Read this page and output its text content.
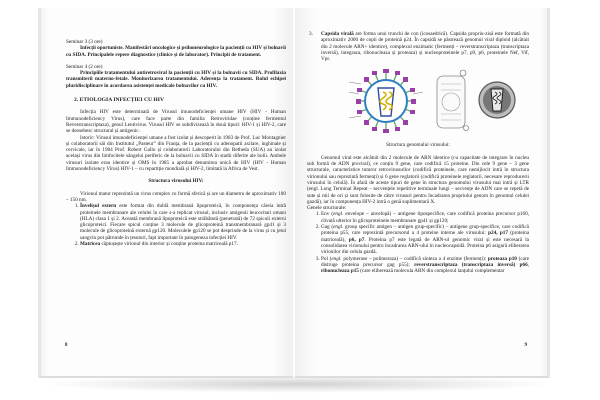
Seminar 3 (3 ore)

Infecții oportuniste. Manifestări oncologice și psihoneurologice la pacienții cu HIV și bolnavii cu SIDA. Principalele repere diagnostice (clinice și de laborator). Principii de tratament.

Seminar 4 (2 ore)

Principiile tratamentului antiretroviral la pacienții cu HIV și la bolnavii cu SIDA. Profilaxia transmiterii materno-fetale. Monitorizarea tratamentului. Aderența la tratament. Rolul echipei pluridisciplinare în acordarea asistenței medicale bolnavilor cu HIV.

2. ETIOLOGIA INFECȚIEI CU HIV

Infecția HIV este determinată de Virusul imunodeficienței umane HIV (HIV - Human Immunodeficiency Virus), care face parte din familia Retroviridae (conține fermentul Reverstranscriptaza), genul Lentivirus. Virusul HIV se subdivizează în două tipuri: HIV-1 și HIV-2, care se deosebesc structural și antigenic.

Istoric: Virusul imunodeficienței umane a fost izolat și descoperit în 1983 de Prof. Luc Montagnier și colaboratorii săi din Institutul „Pasteur” din Franța, de la pacienții cu adenopatii axilare, inghinale și cervicale, iar în 1984 Prof. Robert Gallo și colaboratorii Laboratorului din Betheda (SUA) au izolat același virus din limfocitele sângelui periferic de la bolnavii cu SIDA în stadii diferite ale bolii. Ambele virusuri izolate erau identice și OMS în 1985 a aprobat denumirea unică de HIV (HIV - Human Immunodeficiency Virus) HIV-1 – cu repartiție mondială și HIV-2, limitată la Africa de Vest.

Structura virusului HIV:

Virionul matur reprezintă un virus complex cu formă sferică și are un diametru de aproximativ 100 – 150 nm.

1. Învelișul extern este format din dublă membrană lipoproteică, în componența căreia intră proteinele membranare ale celulei în care s-a replicat virusul, inclusiv antigenii leucocitari umani (HLA) clasa 1 și 2. Această membrană lipoproteică este străbătută (penetrată) de 72 spiculi externi glicoproteici. Fiecare spicul conține 3 molecule de glicoproteină transmembranară gp41 și 3 molecule de glicoproteină externă gp120. Moleculele gp120 se pot desprinde de la virus și cu jetul sangvin pot pătrunde în țesuturi, fapt important în patogeneza infecției HIV.
2. Matricea căptușește virionul din interior și conține proteina matriceală p17.
8
3.	Capsida virală are forma unui trunchi de con (icosaedrică). Capsida propriu-zisă este formată din aproximativ 2000 de copii de proteină p24. În capsidă se păstrează genomul viral diploid (alcătuit din 2 molecule ARN+ identice), complexul enzimatic (fermenți – reverstranscriptaza (transcriptaza inversă), integraza, ribonucleaza și proteaza) și nucleoproteinele p7, p9, p6, proteinele Nef, Vif, Vpr.
Structura genomului virusului:

Genomul viral este alcătuit din 2 molecule de ARN identice (cu capacitate de integrare în nucleu sub formă de ADN proviral), ce conțin 9 gene, care codifică 15 proteine. Din cele 9 gene – 3 gene structurale, caracteristice tuturor retrovirusurilor (codifică proteinele, care nemijlocit intră în structura virionului sau reprezintă fermenți) și 6 gene reglatorii (codifică proteinele reglatorii, necesare reproducerii virusului în celulă). În afară de aceste tipuri de gene în structura genomului virusului mai intră și LTR (engl. Long Terminal Repeat – secvențele repetitive terminale lungi – secvențe de ADN care se repetă de sute și mii de ori și sunt folosite de către virusuri pentru încadrarea propriului genom în genomul celulei gazdă), iar în componența HIV-2 intră o genă suplimentară X.

Genele structurale:

1. Env (engl. envelope – anvelopă) – antigene tipospecifice, care codifică proteina precursor p160, clivată ulterior în glicoproteinele membranare gp41 și gp120;
2. Gag (engl. group specific antigen – antigen grup-specific) – antigene grup-specifice, care codifică proteina p55, care reprezintă precursorul a 4 proteine interne ale virusului: p24, p17 (proteina matriceală), p6, p7. Proteina p7 este legată de ARN-ul genomic viral și este necesară la consolidarea virionului pentru încadrarea ARN-ului în nucleocapsidă. Proteina p6 asigură eliberarea virionilor din celula gazdă.
3. Pol (engl. polymerase – polimeraza) – codifică sinteza a 4 enzime (fermenți): proteaza p10 (care distruge proteina precursor gag p55); reverstranscriptaza (transcriptaza inversă) p66, ribonucleaza p15 (care eliberează molecula ARN din complexul lanțului complementar
9
